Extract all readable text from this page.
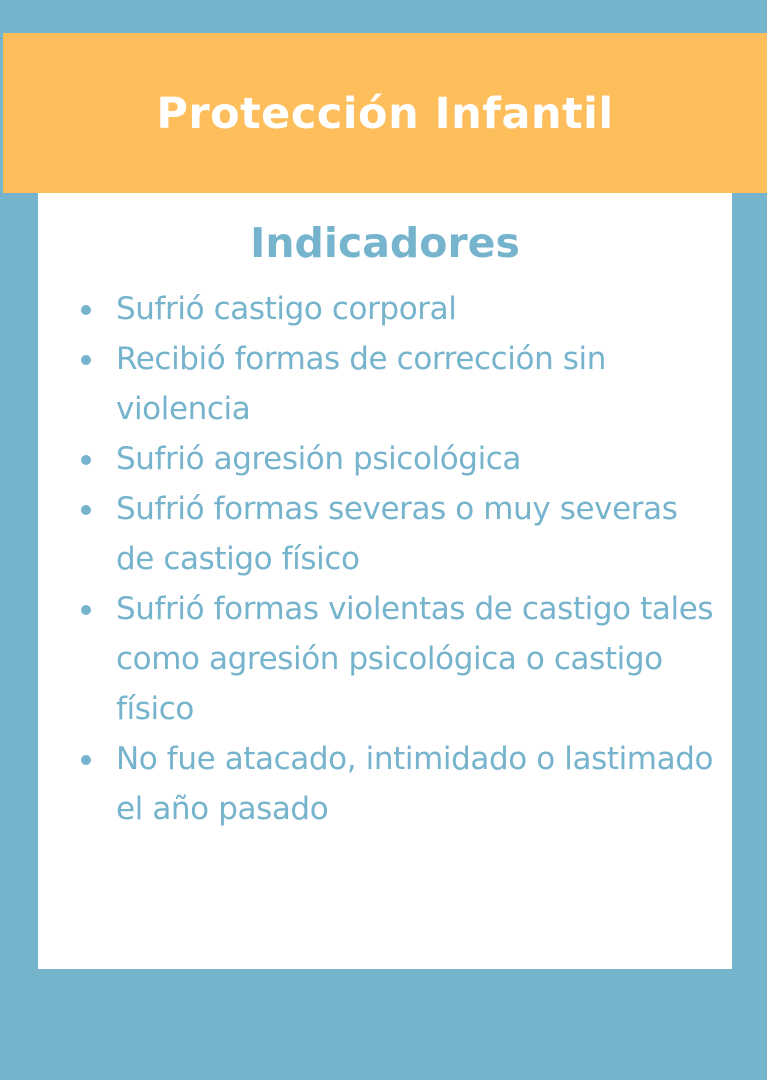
Protección Infantil
Indicadores
Sufrió castigo corporal
Recibió formas de corrección sin violencia
Sufrió agresión psicológica
Sufrió formas severas o muy severas de castigo físico
Sufrió formas violentas de castigo tales como agresión psicológica o castigo físico
No fue atacado, intimidado o lastimado el año pasado
